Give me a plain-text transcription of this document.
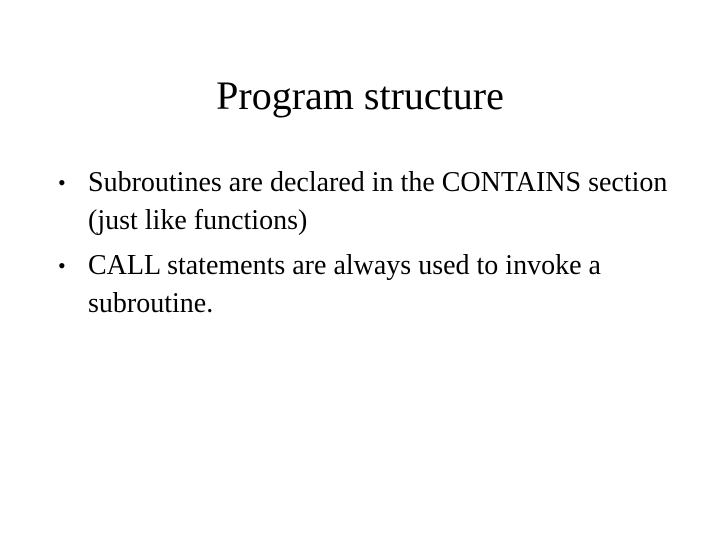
Program structure
• Subroutines are declared in the CONTAINS section (just like functions)
• CALL statements are always used to invoke a subroutine.
